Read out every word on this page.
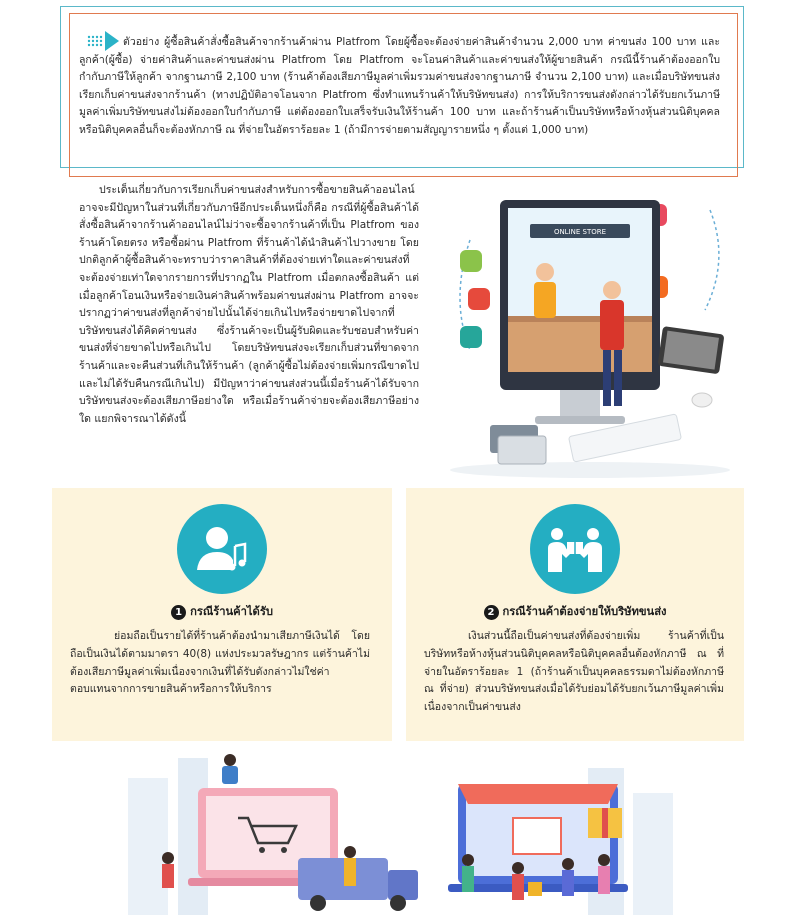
ตัวอย่าง ผู้ซื้อสินค้าสั่งซื้อสินค้าจากร้านค้าผ่าน Platfrom โดยผู้ซื้อจะต้องจ่ายค่าสินค้าจำนวน 2,000 บาท ค่าขนส่ง 100 บาท และลูกค้า(ผู้ซื้อ) จ่ายค่าสินค้าและค่าขนส่งผ่าน Platfrom โดย Platfrom จะโอนค่าสินค้าและค่าขนส่งให้ผู้ขายสินค้า กรณีนี้ร้านค้าต้องออกใบกำกับภาษีให้ลูกค้า จากฐานภาษี 2,100 บาท (ร้านค้าต้องเสียภาษีมูลค่าเพิ่มรวมค่าขนส่งจากฐานภาษี จำนวน 2,100 บาท) และเมื่อบริษัทขนส่งเรียกเก็บค่าขนส่งจากร้านค้า (ทางปฏิบัติอาจโอนจาก Platfrom ซึ่งทำแทนร้านค้าให้บริษัทขนส่ง) การให้บริการขนส่งดังกล่าวได้รับยกเว้นภาษีมูลค่าเพิ่มบริษัทขนส่งไม่ต้องออกใบกำกับภาษี แต่ต้องออกใบเสร็จรับเงินให้ร้านค้า 100 บาท และถ้าร้านค้าเป็นบริษัทหรือห้างหุ้นส่วนนิติบุคคลหรือนิติบุคคลอื่นก็จะต้องหักภาษี ณ ที่จ่ายในอัตราร้อยละ 1 (ถ้ามีการจ่ายตามสัญญารายหนึ่ง ๆ ตั้งแต่ 1,000 บาท)

ประเด็นเกี่ยวกับการเรียกเก็บค่าขนส่งสำหรับการซื้อขายสินค้าออนไลน์ อาจจะมีปัญหาในส่วนที่เกี่ยวกับภาษีอีกประเด็นหนึ่งก็คือ กรณีที่ผู้ซื้อสินค้าได้สั่งซื้อสินค้าจากร้านค้าออนไลน์ไม่ว่าจะซื้อจากร้านค้าที่เป็น Platfrom ของร้านค้าโดยตรง หรือซื้อผ่าน Platfrom ที่ร้านค้าได้นำสินค้าไปวางขาย โดยปกติลูกค้าผู้ซื้อสินค้าจะทราบว่าราคาสินค้าที่ต้องจ่ายเท่าใดและค่าขนส่งที่จะต้องจ่ายเท่าใดจากรายการที่ปรากฏใน Platfrom เมื่อตกลงซื้อสินค้า แต่เมื่อลูกค้าโอนเงินหรือจ่ายเงินค่าสินค้าพร้อมค่าขนส่งผ่าน Platfrom อาจจะปรากฏว่าค่าขนส่งที่ลูกค้าจ่ายไปนั้นได้จ่ายเกินไปหรือจ่ายขาดไปจากที่บริษัทขนส่งได้คิดค่าขนส่ง ซึ่งร้านค้าจะเป็นผู้รับผิดและรับชอบสำหรับค่าขนส่งที่จ่ายขาดไปหรือเกินไป โดยบริษัทขนส่งจะเรียกเก็บส่วนที่ขาดจากร้านค้าและจะคืนส่วนที่เกินให้ร้านค้า (ลูกค้าผู้ซื้อไม่ต้องจ่ายเพิ่มกรณีขาดไปและไม่ได้รับคืนกรณีเกินไป) มีปัญหาว่าค่าขนส่งส่วนนี้เมื่อร้านค้าได้รับจากบริษัทขนส่งจะต้องเสียภาษีอย่างใด หรือเมื่อร้านค้าจ่ายจะต้องเสียภาษีอย่างใด แยกพิจารณาได้ดังนี้

ONLINE STORE
1 กรณีร้านค้าได้รับ

ย่อมถือเป็นรายได้ที่ร้านค้าต้องนำมาเสียภาษีเงินได้ โดยถือเป็นเงินได้ตามมาตรา 40(8) แห่งประมวลรัษฎากร แต่ร้านค้าไม่ต้องเสียภาษีมูลค่าเพิ่มเนื่องจากเงินที่ได้รับดังกล่าวไม่ใช่ค่าตอบแทนจากการขายสินค้าหรือการให้บริการ

2 กรณีร้านค้าต้องจ่ายให้บริษัทขนส่ง

เงินส่วนนี้ถือเป็นค่าขนส่งที่ต้องจ่ายเพิ่ม ร้านค้าที่เป็นบริษัทหรือห้างหุ้นส่วนนิติบุคคลหรือนิติบุคคลอื่นต้องหักภาษี ณ ที่จ่ายในอัตราร้อยละ 1 (ถ้าร้านค้าเป็นบุคคลธรรมดาไม่ต้องหักภาษี ณ ที่จ่าย) ส่วนบริษัทขนส่งเมื่อได้รับย่อมได้รับยกเว้นภาษีมูลค่าเพิ่มเนื่องจากเป็นค่าขนส่ง
